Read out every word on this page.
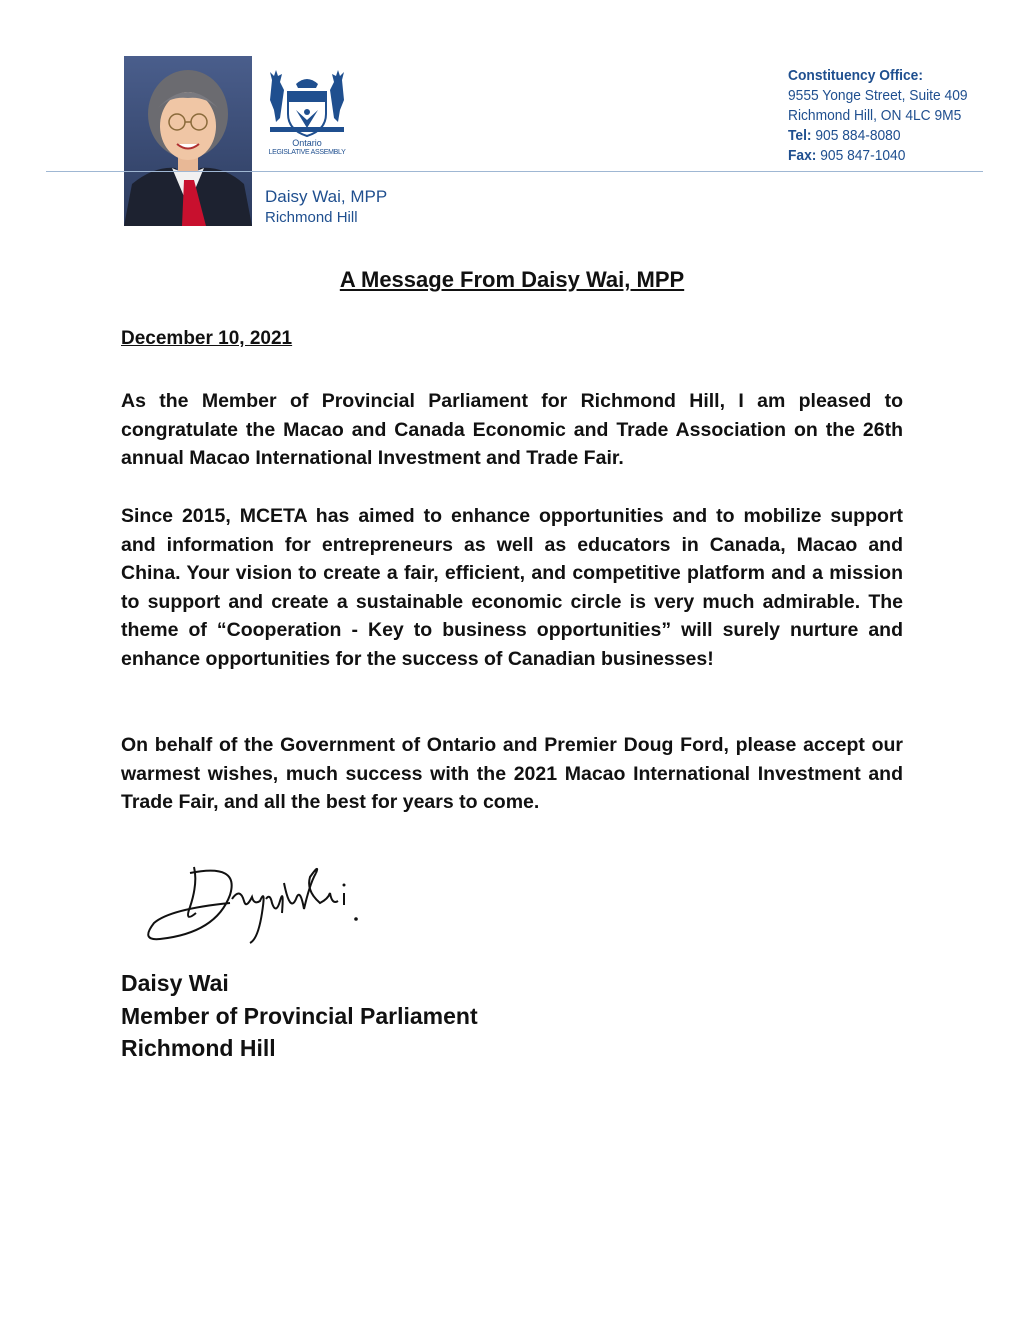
Ontario
LEGISLATIVE ASSEMBLY
Daisy Wai, MPP
Richmond Hill
Constituency Office:
9555 Yonge Street, Suite 409
Richmond Hill, ON 4LC 9M5
Tel: 905 884-8080
Fax: 905 847-1040
A Message From Daisy Wai, MPP
December 10, 2021

As the Member of Provincial Parliament for Richmond Hill, I am pleased to congratulate the Macao and Canada Economic and Trade Association on the 26th annual Macao International Investment and Trade Fair.

Since 2015, MCETA has aimed to enhance opportunities and to mobilize support and information for entrepreneurs as well as educators in Canada, Macao and China. Your vision to create a fair, efficient, and competitive platform and a mission to support and create a sustainable economic circle is very much admirable. The theme of “Cooperation - Key to business opportunities” will surely nurture and enhance opportunities for the success of Canadian businesses!

On behalf of the Government of Ontario and Premier Doug Ford, please accept our warmest wishes, much success with the 2021 Macao International Investment and Trade Fair, and all the best for years to come.

Daisy Wai
Member of Provincial Parliament
Richmond Hill
